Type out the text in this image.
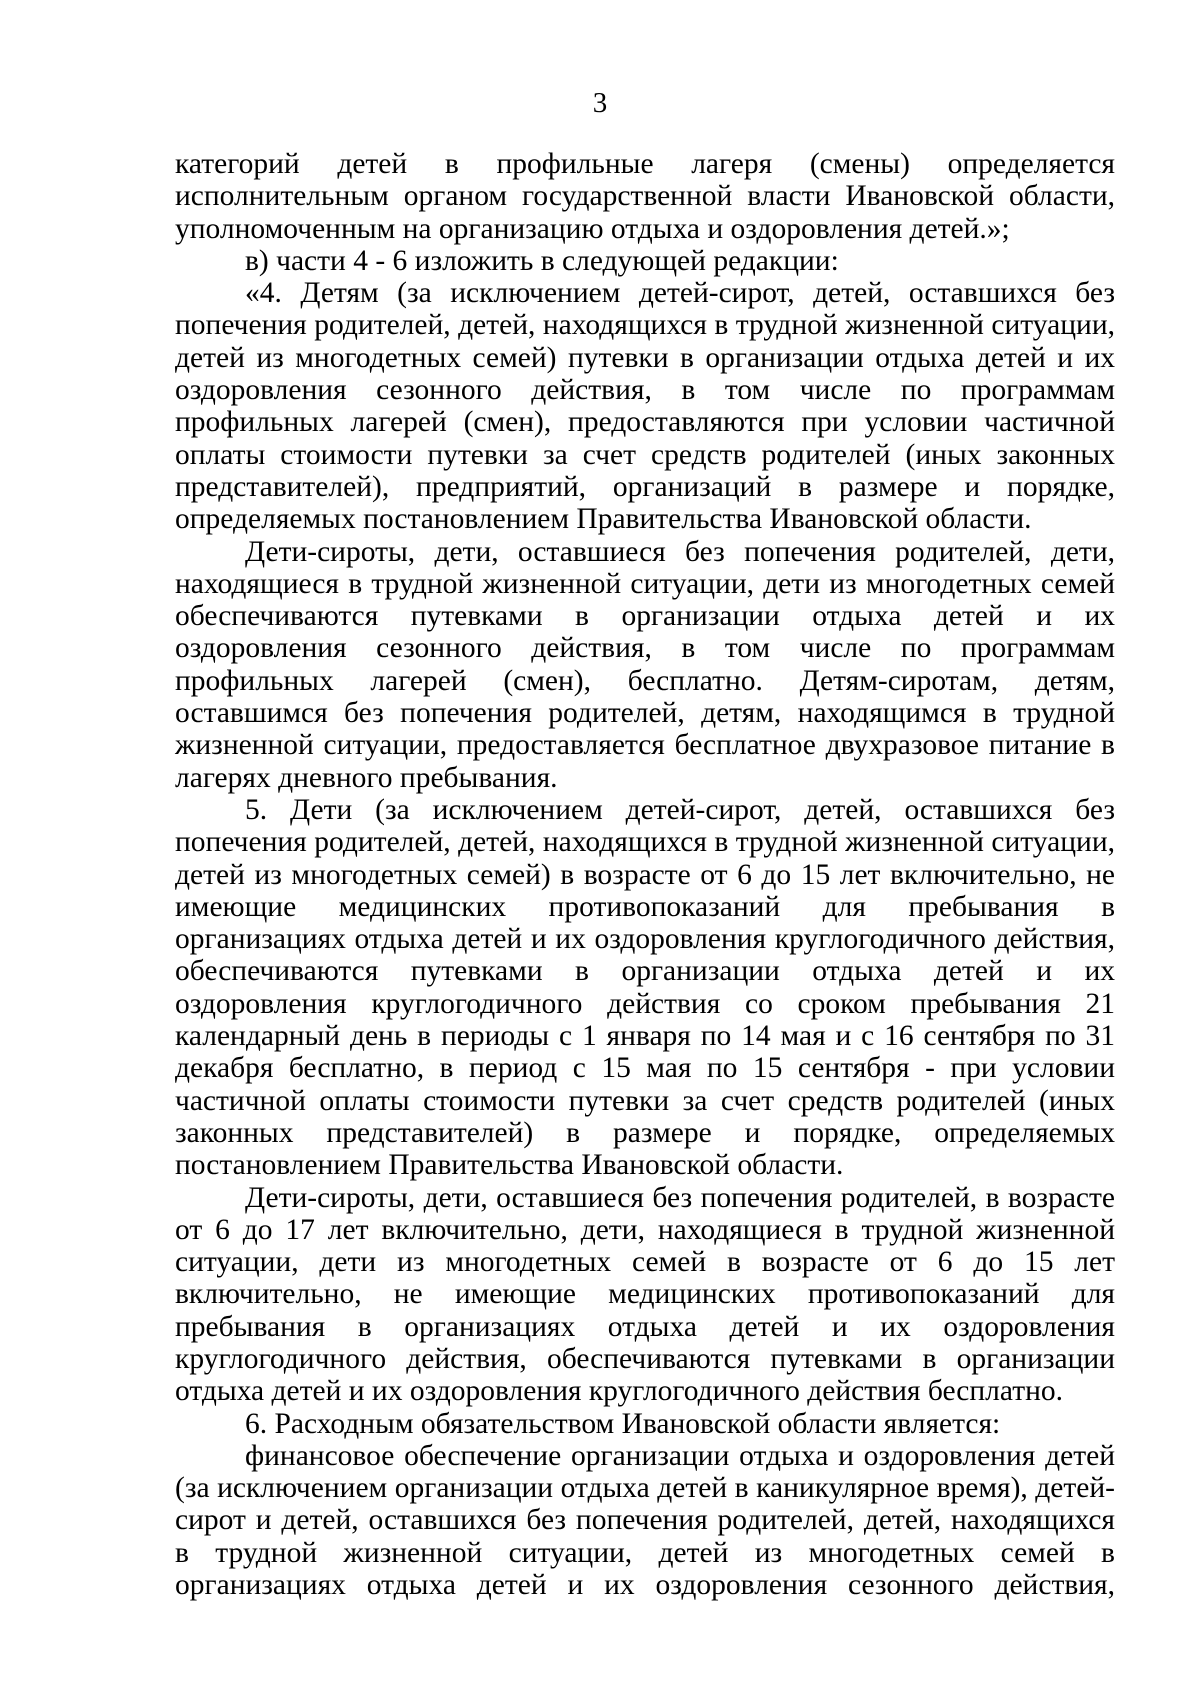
3

категорий детей в профильные лагеря (смены) определяется исполнительным органом государственной власти Ивановской области, уполномоченным на организацию отдыха и оздоровления детей.»;

в) части 4 - 6 изложить в следующей редакции:

«4. Детям (за исключением детей-сирот, детей, оставшихся без попечения родителей, детей, находящихся в трудной жизненной ситуации, детей из многодетных семей) путевки в организации отдыха детей и их оздоровления сезонного действия, в том числе по программам профильных лагерей (смен), предоставляются при условии частичной оплаты стоимости путевки за счет средств родителей (иных законных представителей), предприятий, организаций в размере и порядке, определяемых постановлением Правительства Ивановской области.

Дети-сироты, дети, оставшиеся без попечения родителей, дети, находящиеся в трудной жизненной ситуации, дети из многодетных семей обеспечиваются путевками в организации отдыха детей и их оздоровления сезонного действия, в том числе по программам профильных лагерей (смен), бесплатно. Детям-сиротам, детям, оставшимся без попечения родителей, детям, находящимся в трудной жизненной ситуации, предоставляется бесплатное двухразовое питание в лагерях дневного пребывания.

5. Дети (за исключением детей-сирот, детей, оставшихся без попечения родителей, детей, находящихся в трудной жизненной ситуации, детей из многодетных семей) в возрасте от 6 до 15 лет включительно, не имеющие медицинских противопоказаний для пребывания в организациях отдыха детей и их оздоровления круглогодичного действия, обеспечиваются путевками в организации отдыха детей и их оздоровления круглогодичного действия со сроком пребывания 21 календарный день в периоды с 1 января по 14 мая и с 16 сентября по 31 декабря бесплатно, в период с 15 мая по 15 сентября - при условии частичной оплаты стоимости путевки за счет средств родителей (иных законных представителей) в размере и порядке, определяемых постановлением Правительства Ивановской области.

Дети-сироты, дети, оставшиеся без попечения родителей, в возрасте от 6 до 17 лет включительно, дети, находящиеся в трудной жизненной ситуации, дети из многодетных семей в возрасте от 6 до 15 лет включительно, не имеющие медицинских противопоказаний для пребывания в организациях отдыха детей и их оздоровления круглогодичного действия, обеспечиваются путевками в организации отдыха детей и их оздоровления круглогодичного действия бесплатно.

6. Расходным обязательством Ивановской области является:

финансовое обеспечение организации отдыха и оздоровления детей (за исключением организации отдыха детей в каникулярное время), детей-сирот и детей, оставшихся без попечения родителей, детей, находящихся в трудной жизненной ситуации, детей из многодетных семей в организациях отдыха детей и их оздоровления сезонного действия,
